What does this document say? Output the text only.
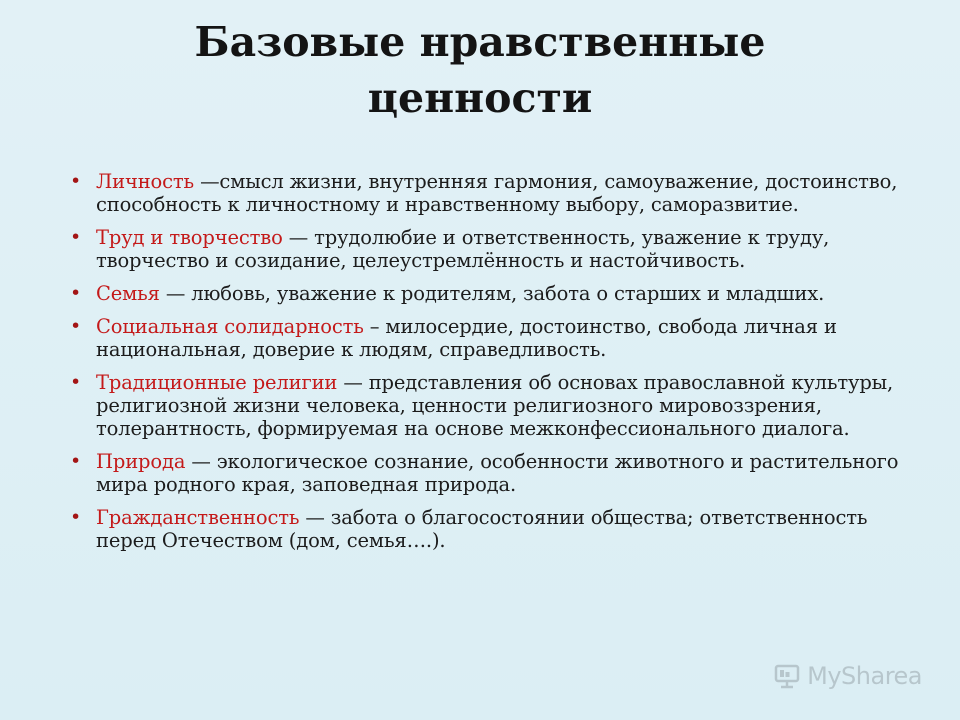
Базовые нравственные
ценности
• Личность —смысл жизни, внутренняя гармония, самоуважение, достоинство, способность к личностному и нравственному выбору, саморазвитие.
• Труд и творчество — трудолюбие и ответственность, уважение к труду, творчество и созидание, целеустремлённость и настойчивость.
• Семья — любовь, уважение к родителям, забота о старших и младших.
• Социальная солидарность – милосердие, достоинство, свобода личная и национальная, доверие к людям, справедливость.
• Традиционные религии — представления об основах православной культуры, религиозной жизни человека, ценности религиозного мировоззрения, толерантность, формируемая на основе межконфессионального диалога.
• Природа — экологическое сознание, особенности животного и растительного мира родного края, заповедная природа.
• Гражданственность — забота о благосостоянии общества; ответственность перед Отечеством (дом, семья….).
MySharea
